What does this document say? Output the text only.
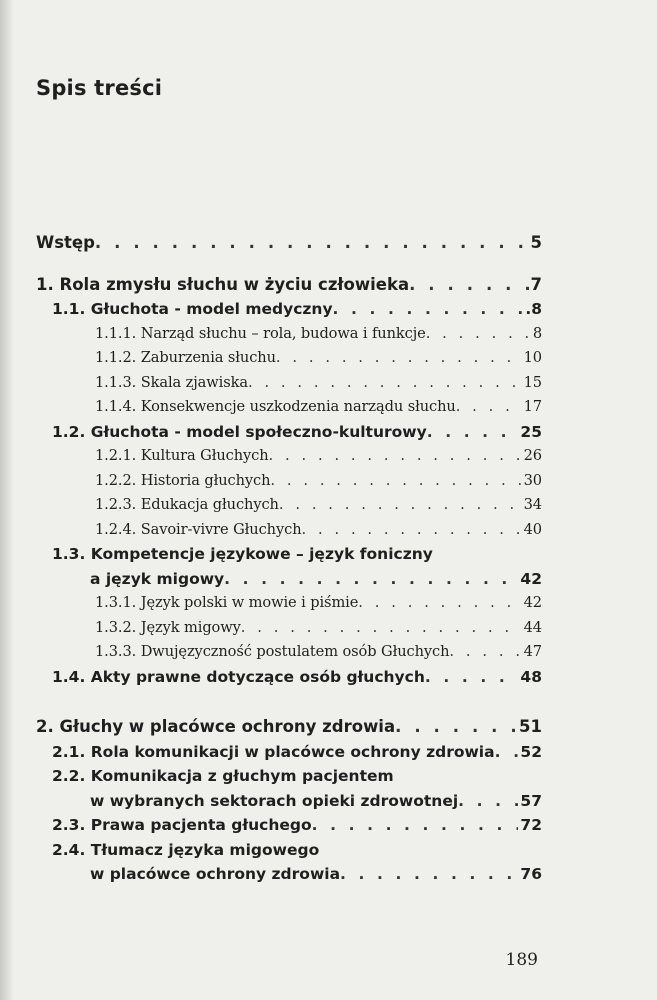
Spis treści
Wstęp . . .	5
1. Rola zmysłu słuchu w życiu człowieka . . .	7
1.1. Głuchota - model medyczny . . .	.8
1.1.1. Narząd słuchu – rola, budowa i funkcje . . .	8
1.1.2. Zaburzenia słuchu . . .	10
1.1.3. Skala zjawiska . . .	15
1.1.4. Konsekwencje uszkodzenia narządu słuchu . . .	17
1.2. Głuchota - model społeczno-kulturowy . . .	25
1.2.1. Kultura Głuchych . . .	26
1.2.2. Historia głuchych . . .	30
1.2.3. Edukacja głuchych . . .	34
1.2.4. Savoir-vivre Głuchych . . .	40
1.3. Kompetencje językowe – język foniczny
a język migowy . . .	42
1.3.1. Język polski w mowie i piśmie . . .	42
1.3.2. Język migowy . . .	44
1.3.3. Dwujęzyczność postulatem osób Głuchych . . .	47
1.4. Akty prawne dotyczące osób głuchych . . .	48
2. Głuchy w placówce ochrony zdrowia . . .	51
2.1. Rola komunikacji w placówce ochrony zdrowia . . . 52
2.2. Komunikacja z głuchym pacjentem
w wybranych sektorach opieki zdrowotnej . . .	57
2.3. Prawa pacjenta głuchego . . .	72
2.4. Tłumacz języka migowego
w placówce ochrony zdrowia . . .	76

189
